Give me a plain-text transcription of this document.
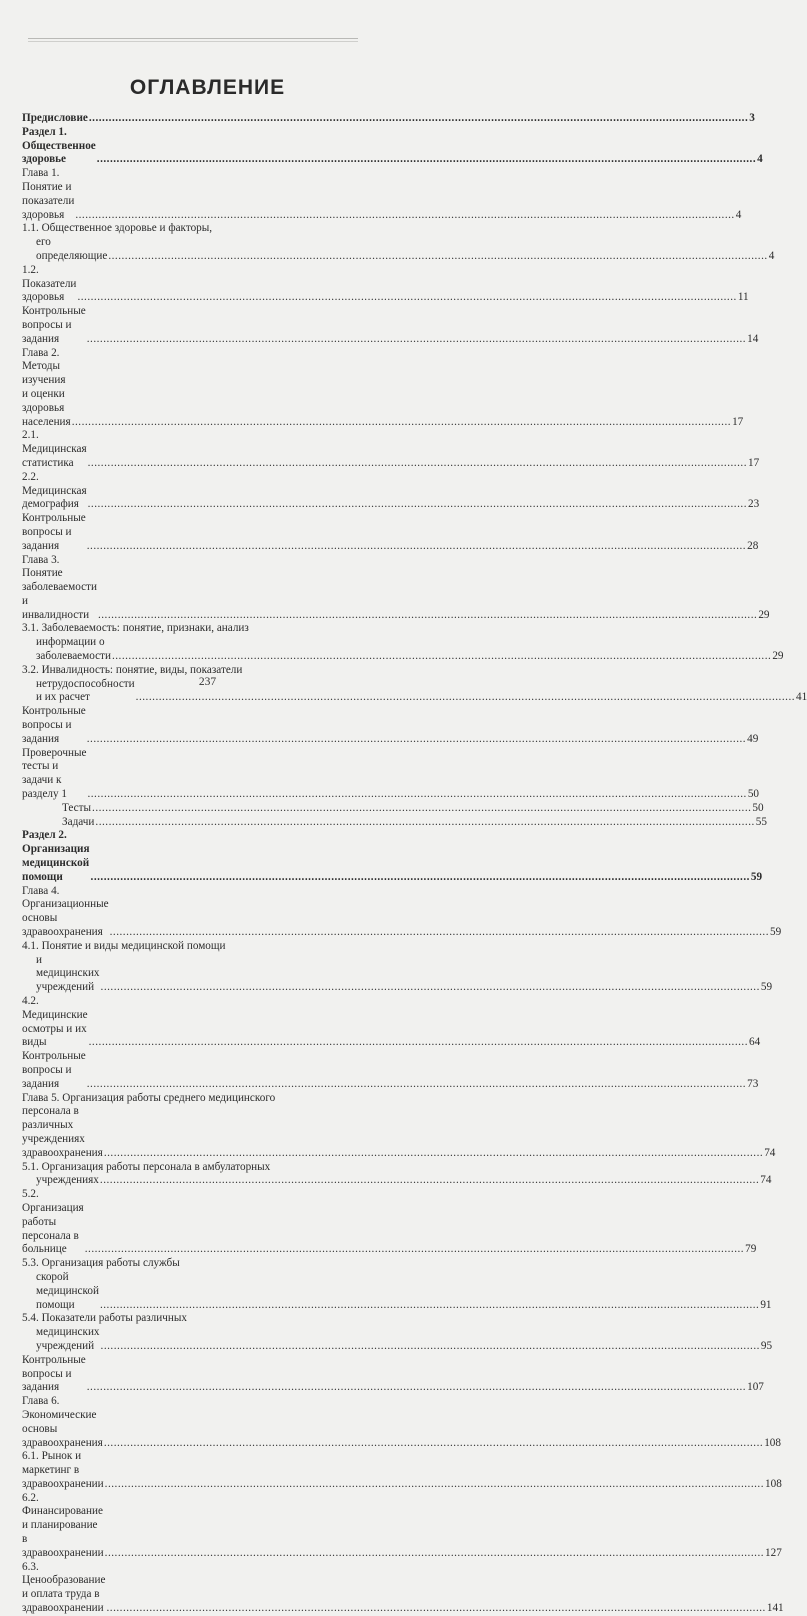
ОГЛАВЛЕНИЕ
Предисловие .....	3
Раздел 1. Общественное здоровье .....	4
Глава 1. Понятие и показатели здоровья .....	4
1.1. Общественное здоровье и факторы,
его определяющие .....	4
1.2. Показатели здоровья .....	11
Контрольные вопросы и задания .....	14
Глава 2. Методы изучения и оценки здоровья населения .....	17
2.1. Медицинская статистика .....	17
2.2. Медицинская демография .....	23
Контрольные вопросы и задания .....	28
Глава 3. Понятие заболеваемости и инвалидности .....	29
3.1. Заболеваемость: понятие, признаки, анализ
информации о заболеваемости .....	29
3.2. Инвалидность: понятие, виды, показатели
нетрудоспособности и их расчет .....	41
Контрольные вопросы и задания .....	49
Проверочные тесты и задачи к разделу 1 .....	50
Тесты .....	50
Задачи .....	55
Раздел 2. Организация медицинской помощи .....	59
Глава 4. Организационные основы здравоохранения .....	59
4.1. Понятие и виды медицинской помощи
и медицинских учреждений .....	59
4.2. Медицинские осмотры и их виды .....	64
Контрольные вопросы и задания .....	73
Глава 5. Организация работы среднего медицинского
персонала в различных учреждениях здравоохранения .....	74
5.1. Организация работы персонала в амбулаторных
учреждениях .....	74
5.2. Организация работы персонала в больнице .....	79
5.3. Организация работы службы
скорой медицинской помощи .....	91
5.4. Показатели работы различных
медицинских учреждений .....	95
Контрольные вопросы и задания .....	107
Глава 6. Экономические основы здравоохранения .....	108
6.1. Рынок и маркетинг в здравоохранении .....	108
6.2. Финансирование и планирование в здравоохранении .....	127
6.3. Ценообразование и оплата труда в здравоохранении .....	141
237
